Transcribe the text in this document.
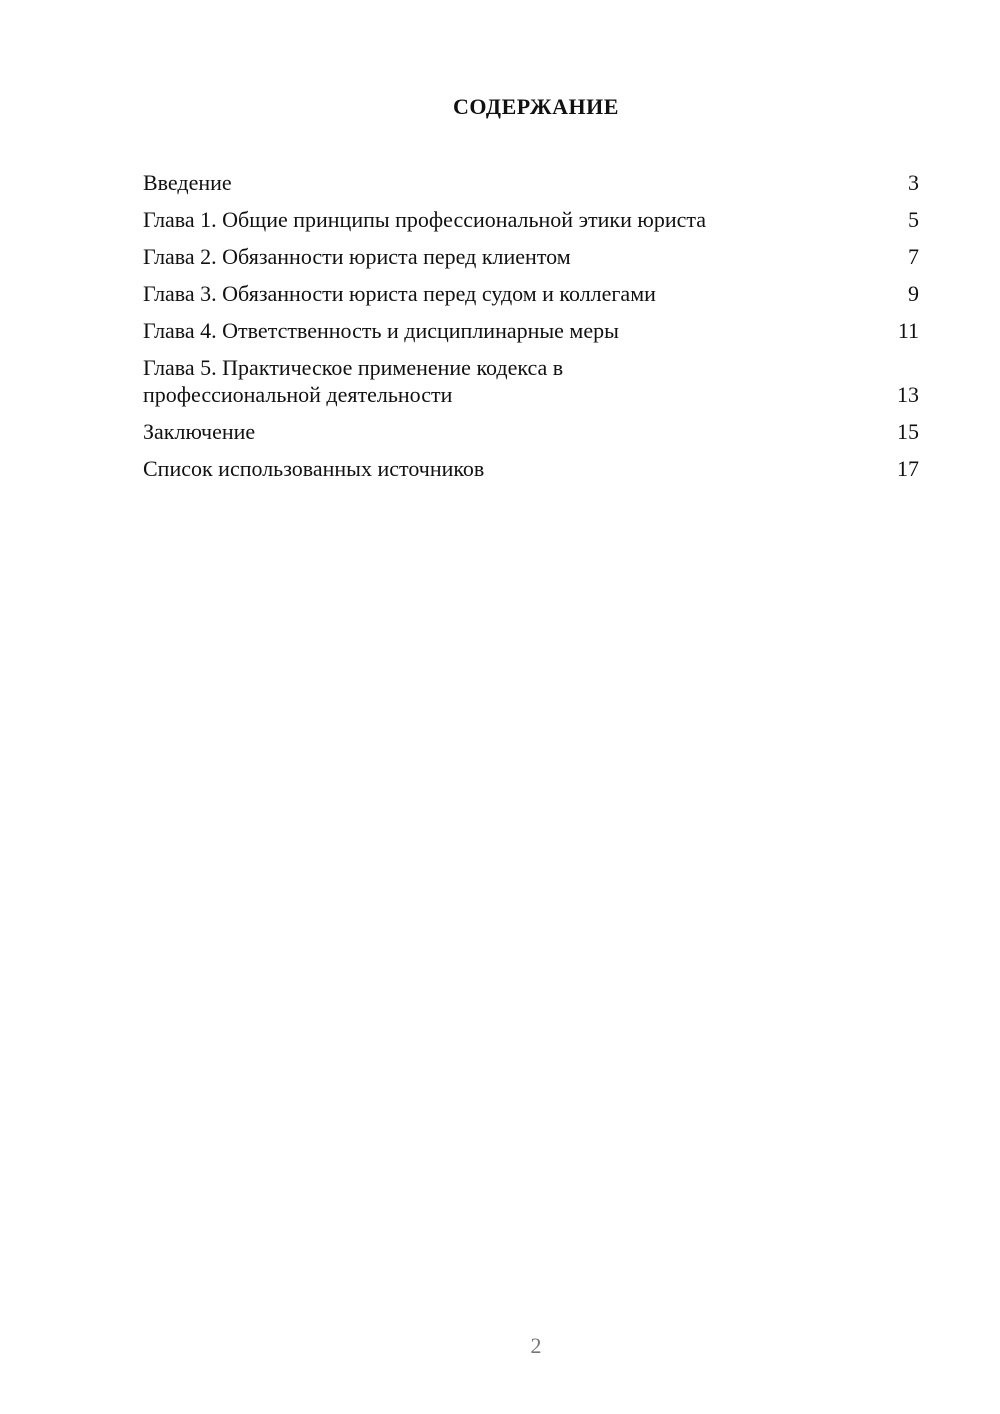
СОДЕРЖАНИЕ
Введение	3
Глава 1. Общие принципы профессиональной этики юриста	5
Глава 2. Обязанности юриста перед клиентом	7
Глава 3. Обязанности юриста перед судом и коллегами	9
Глава 4. Ответственность и дисциплинарные меры	11
Глава 5. Практическое применение кодекса в
профессиональной деятельности	13
Заключение	15
Список использованных источников	17
2
